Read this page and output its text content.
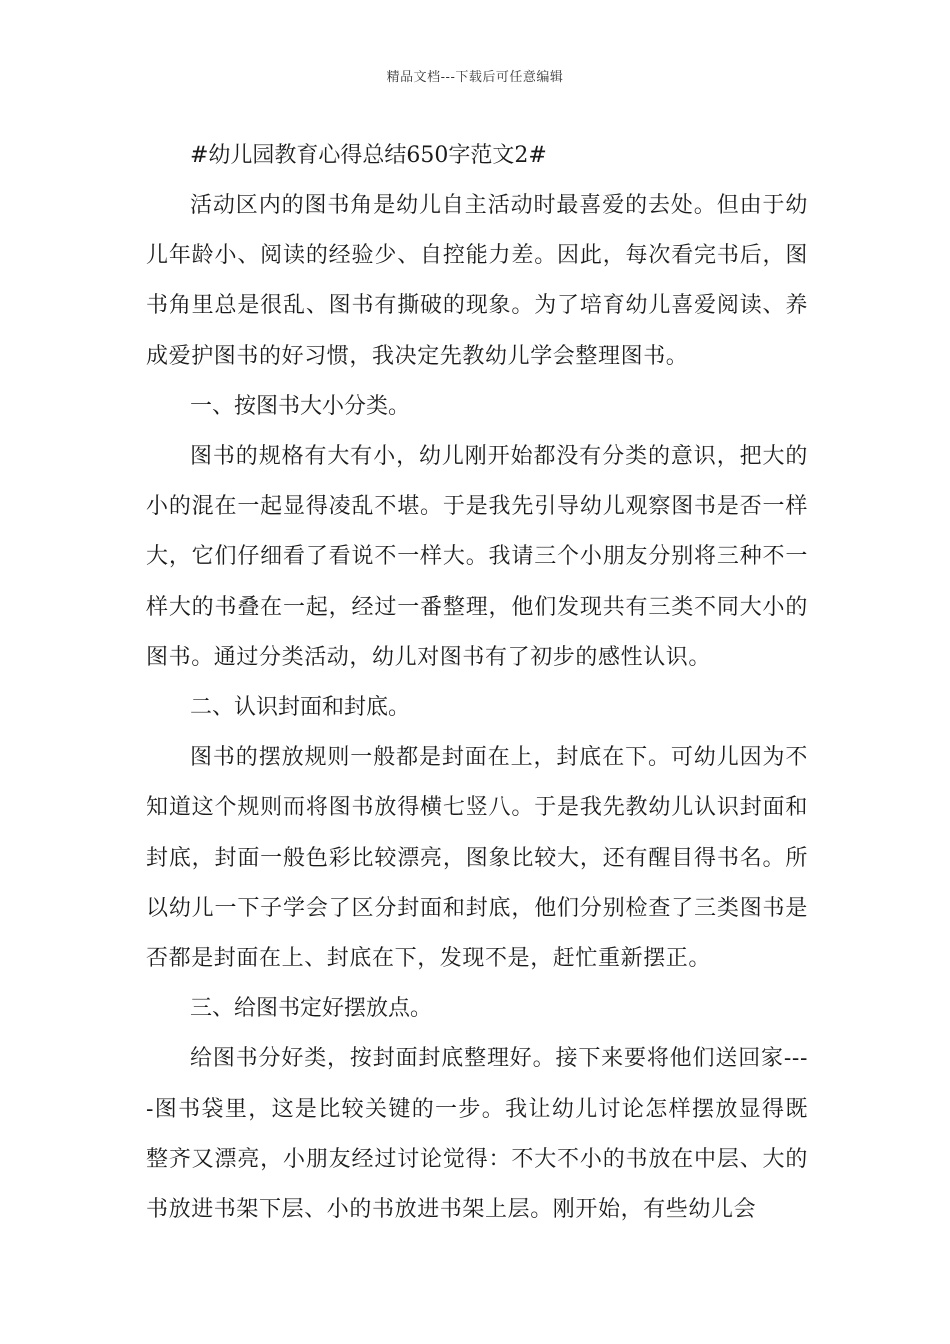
精品文档---下载后可任意编辑
#幼儿园教育心得总结650字范文2#

活动区内的图书角是幼儿自主活动时最喜爱的去处。但由于幼儿年龄小、阅读的经验少、自控能力差。因此，每次看完书后，图书角里总是很乱、图书有撕破的现象。为了培育幼儿喜爱阅读、养成爱护图书的好习惯，我决定先教幼儿学会整理图书。

一、按图书大小分类。

图书的规格有大有小，幼儿刚开始都没有分类的意识，把大的小的混在一起显得凌乱不堪。于是我先引导幼儿观察图书是否一样大，它们仔细看了看说不一样大。我请三个小朋友分别将三种不一样大的书叠在一起，经过一番整理，他们发现共有三类不同大小的图书。通过分类活动，幼儿对图书有了初步的感性认识。

二、认识封面和封底。

图书的摆放规则一般都是封面在上，封底在下。可幼儿因为不知道这个规则而将图书放得横七竖八。于是我先教幼儿认识封面和封底，封面一般色彩比较漂亮，图象比较大，还有醒目得书名。所以幼儿一下子学会了区分封面和封底，他们分别检查了三类图书是否都是封面在上、封底在下，发现不是，赶忙重新摆正。

三、给图书定好摆放点。

给图书分好类，按封面封底整理好。接下来要将他们送回家----图书袋里，这是比较关键的一步。我让幼儿讨论怎样摆放显得既整齐又漂亮，小朋友经过讨论觉得：不大不小的书放在中层、大的书放进书架下层、小的书放进书架上层。刚开始，有些幼儿会
